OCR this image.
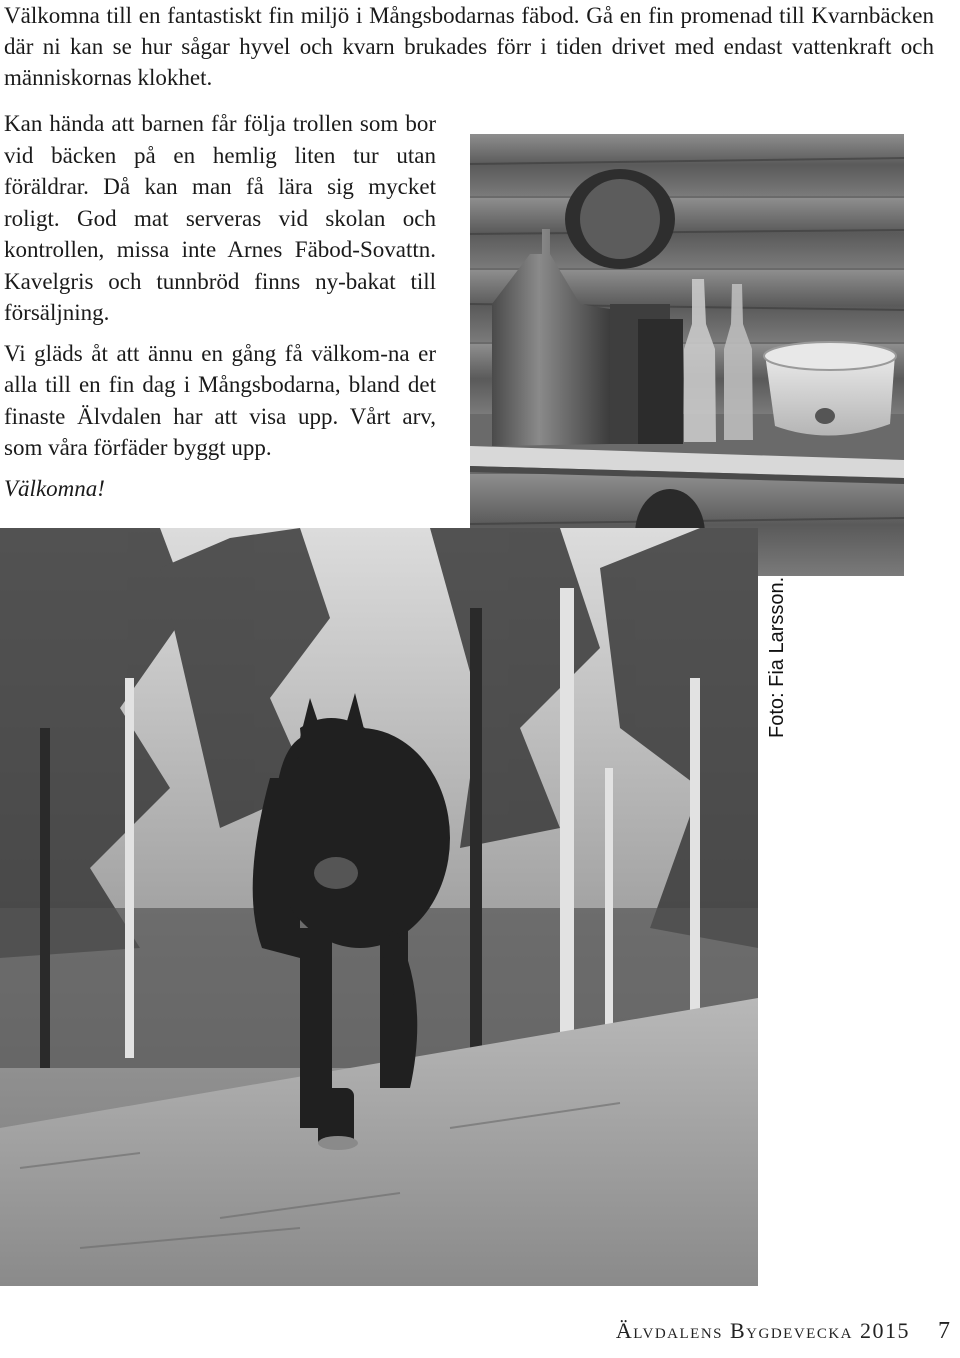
Välkomna till en fantastiskt fin miljö i Mångsbodarnas fäbod. Gå en fin promenad till Kvarnbäcken där ni kan se hur sågar hyvel och kvarn brukades förr i tiden drivet med endast vattenkraft och människornas klokhet.

Kan hända att barnen får följa trollen som bor vid bäcken på en hemlig liten tur utan föräldrar. Då kan man få lära sig mycket roligt. God mat serveras vid skolan och kontrollen, missa inte Arnes Fäbod-Sovattn. Kavelgris och tunnbröd finns ny-bakat till försäljning.

Vi gläds åt att ännu en gång få välkom-na er alla till en fin dag i Mångsbodarna, bland det finaste Älvdalen har att visa upp. Vårt arv, som våra förfäder byggt upp.

Välkomna!

Foto: Fia Larsson.
Älvdalens Bygdevecka 2015 7
